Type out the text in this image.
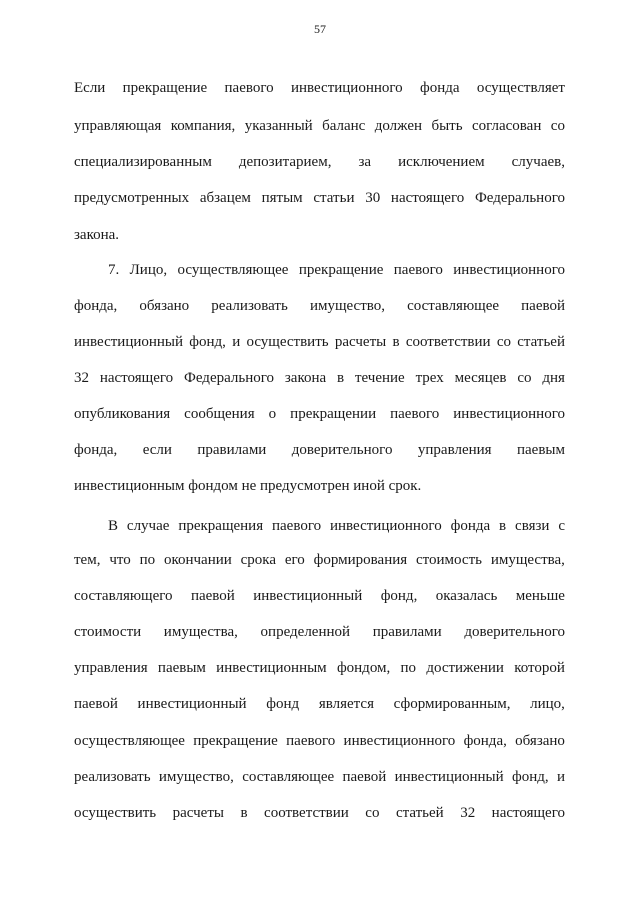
57
Если прекращение паевого инвестиционного фонда осуществляет
управляющая компания, указанный баланс должен быть согласован со
специализированным депозитарием, за исключением случаев,
предусмотренных абзацем пятым статьи 30 настоящего Федерального
закона.
7. Лицо, осуществляющее прекращение паевого инвестиционного
фонда, обязано реализовать имущество, составляющее паевой
инвестиционный фонд, и осуществить расчеты в соответствии со статьей
32 настоящего Федерального закона в течение трех месяцев со дня
опубликования сообщения о прекращении паевого инвестиционного
фонда, если правилами доверительного управления паевым
инвестиционным фондом не предусмотрен иной срок.
В случае прекращения паевого инвестиционного фонда в связи с
тем, что по окончании срока его формирования стоимость имущества,
составляющего паевой инвестиционный фонд, оказалась меньше
стоимости имущества, определенной правилами доверительного
управления паевым инвестиционным фондом, по достижении которой
паевой инвестиционный фонд является сформированным, лицо,
осуществляющее прекращение паевого инвестиционного фонда, обязано
реализовать имущество, составляющее паевой инвестиционный фонд, и
осуществить расчеты в соответствии со статьей 32 настоящего
